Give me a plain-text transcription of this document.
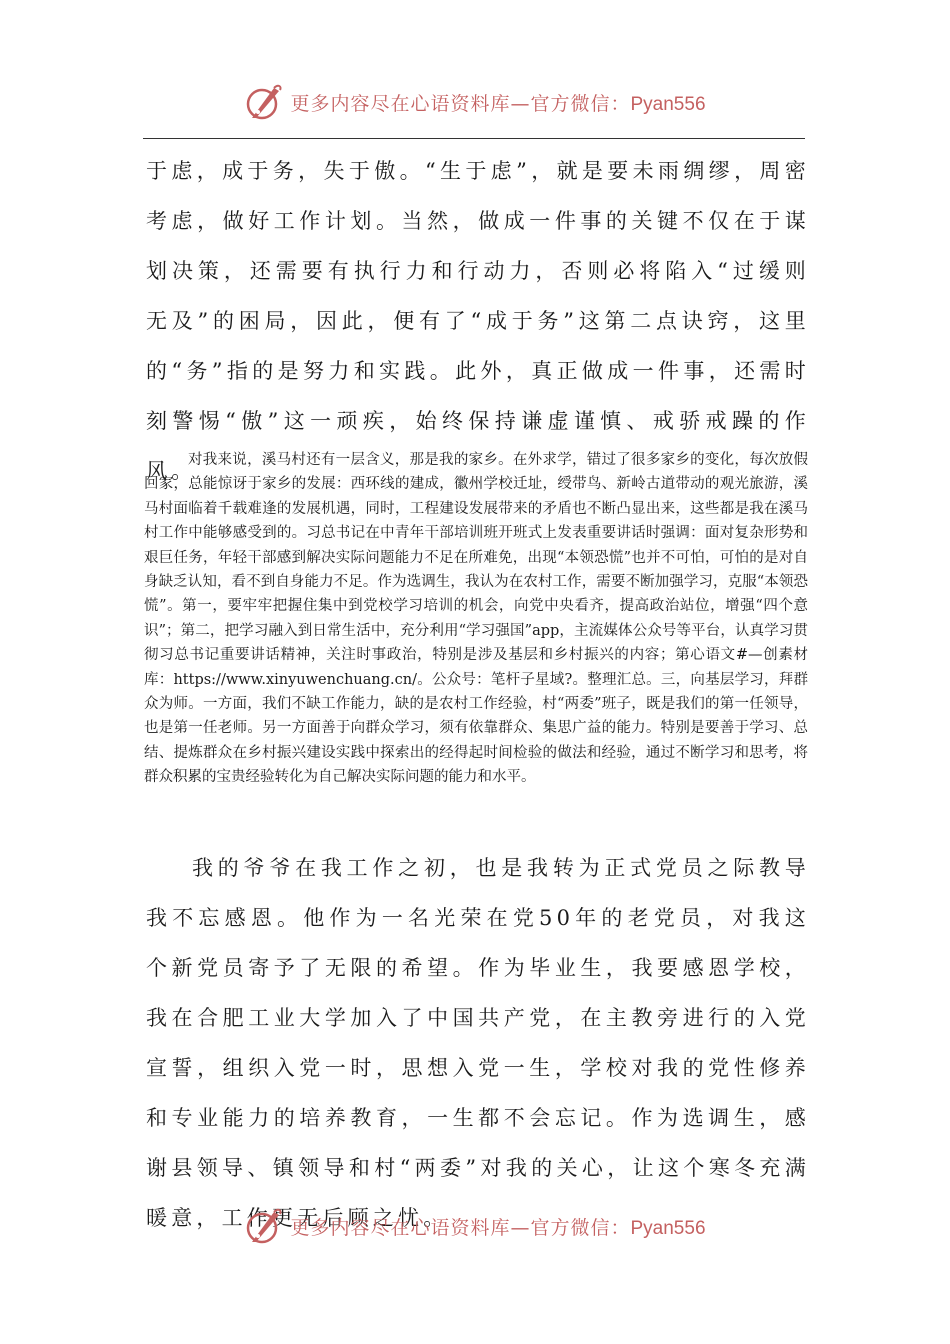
更多内容尽在心语资料库—官方微信：Pyan556

于虑，成于务，失于傲。“生于虑”，就是要未雨绸缪，周密考虑，做好工作计划。当然，做成一件事的关键不仅在于谋划决策，还需要有执行力和行动力，否则必将陷入“过缓则无及”的困局，因此，便有了“成于务”这第二点诀窍，这里的“务”指的是努力和实践。此外，真正做成一件事，还需时刻警惕“傲”这一顽疾，始终保持谦虚谨慎、戒骄戒躁的作风。

对我来说，溪马村还有一层含义，那是我的家乡。在外求学，错过了很多家乡的变化，每次放假回家，总能惊讶于家乡的发展：西环线的建成，徽州学校迁址，绶带鸟、新岭古道带动的观光旅游，溪马村面临着千载难逢的发展机遇，同时，工程建设发展带来的矛盾也不断凸显出来，这些都是我在溪马村工作中能够感受到的。习总书记在中青年干部培训班开班式上发表重要讲话时强调：面对复杂形势和艰巨任务，年轻干部感到解决实际问题能力不足在所难免，出现“本领恐慌”也并不可怕，可怕的是对自身缺乏认知，看不到自身能力不足。作为选调生，我认为在农村工作，需要不断加强学习，克服“本领恐慌”。第一，要牢牢把握住集中到党校学习培训的机会，向党中央看齐，提高政治站位，增强“四个意识”；第二，把学习融入到日常生活中，充分利用“学习强国”app，主流媒体公众号等平台，认真学习贯彻习总书记重要讲话精神，关注时事政治，特别是涉及基层和乡村振兴的内容；第心语文#—创素材库：https://www.xinyuwenchuang.cn/。公众号：笔杆子星域?。整理汇总。三，向基层学习，拜群众为师。一方面，我们不缺工作能力，缺的是农村工作经验，村“两委”班子，既是我们的第一任领导，也是第一任老师。另一方面善于向群众学习，须有依靠群众、集思广益的能力。特别是要善于学习、总结、提炼群众在乡村振兴建设实践中探索出的经得起时间检验的做法和经验，通过不断学习和思考，将群众积累的宝贵经验转化为自己解决实际问题的能力和水平。

我的爷爷在我工作之初，也是我转为正式党员之际教导我不忘感恩。他作为一名光荣在党50年的老党员，对我这个新党员寄予了无限的希望。作为毕业生，我要感恩学校，我在合肥工业大学加入了中国共产党，在主教旁进行的入党宣誓，组织入党一时，思想入党一生，学校对我的党性修养和专业能力的培养教育，一生都不会忘记。作为选调生，感谢县领导、镇领导和村“两委”对我的关心，让这个寒冬充满暖意，工作更无后顾之忧。

更多内容尽在心语资料库—官方微信：Pyan556
